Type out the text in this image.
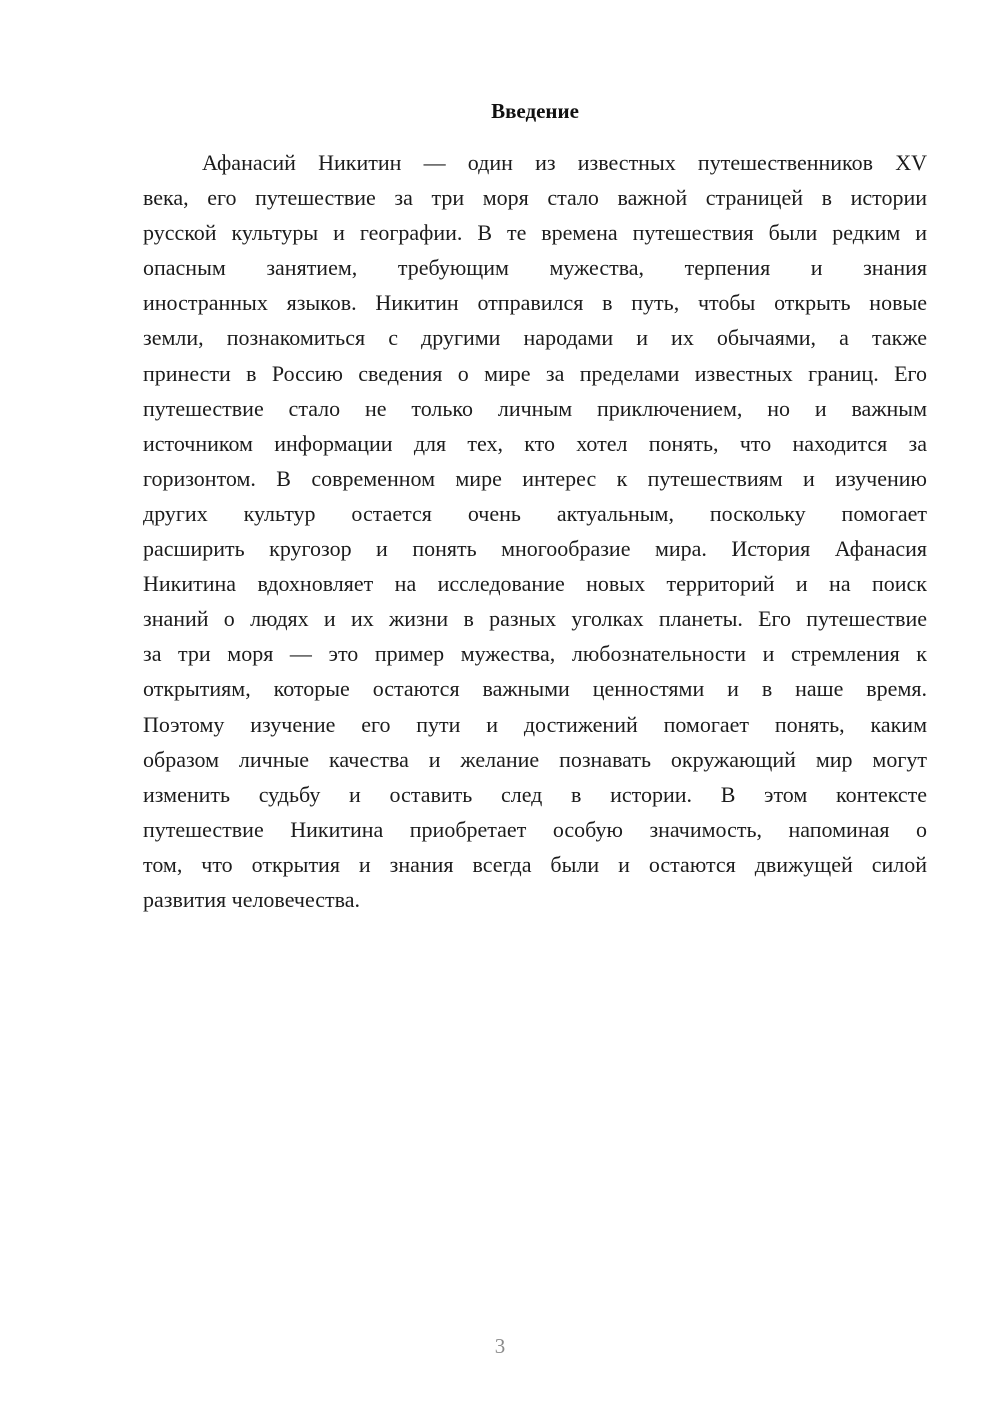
Введение
Афанасий Никитин — один из известных путешественников XV
века, его путешествие за три моря стало важной страницей в истории
русской культуры и географии. В те времена путешествия были редким и
опасным занятием, требующим мужества, терпения и знания
иностранных языков. Никитин отправился в путь, чтобы открыть новые
земли, познакомиться с другими народами и их обычаями, а также
принести в Россию сведения о мире за пределами известных границ. Его
путешествие стало не только личным приключением, но и важным
источником информации для тех, кто хотел понять, что находится за
горизонтом. В современном мире интерес к путешествиям и изучению
других культур остается очень актуальным, поскольку помогает
расширить кругозор и понять многообразие мира. История Афанасия
Никитина вдохновляет на исследование новых территорий и на поиск
знаний о людях и их жизни в разных уголках планеты. Его путешествие
за три моря — это пример мужества, любознательности и стремления к
открытиям, которые остаются важными ценностями и в наше время.
Поэтому изучение его пути и достижений помогает понять, каким
образом личные качества и желание познавать окружающий мир могут
изменить судьбу и оставить след в истории. В этом контексте
путешествие Никитина приобретает особую значимость, напоминая о
том, что открытия и знания всегда были и остаются движущей силой
развития человечества.
3
